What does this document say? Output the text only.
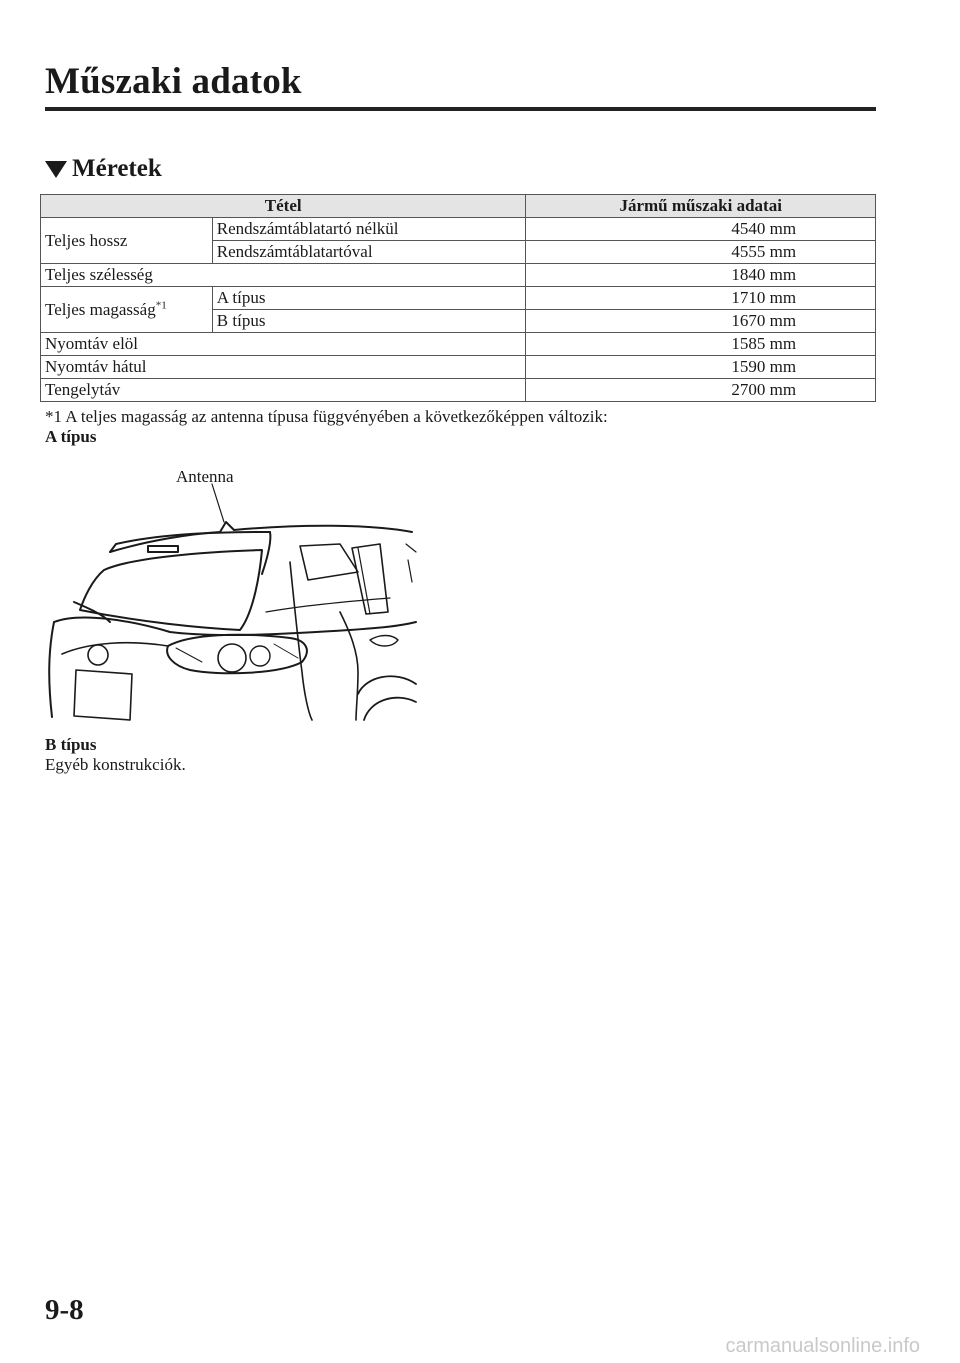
Műszaki adatok
Méretek
Tétel		Jármű műszaki adatai
Teljes hossz	Rendszámtáblatartó nélkül	4540 mm
	Rendszámtáblatartóval	4555 mm
Teljes szélesség		1840 mm
Teljes magasság$^{*1}$	A típus	1710 mm
	B típus	1670 mm
Nyomtáv elöl		1585 mm
Nyomtáv hátul		1590 mm
Tengelytáv		2700 mm
*1 A teljes magasság az antenna típusa függvényében a következőképpen változik:
A típus
Antenna
B típus
Egyéb konstrukciók.
9-8
carmanualsonline.info
